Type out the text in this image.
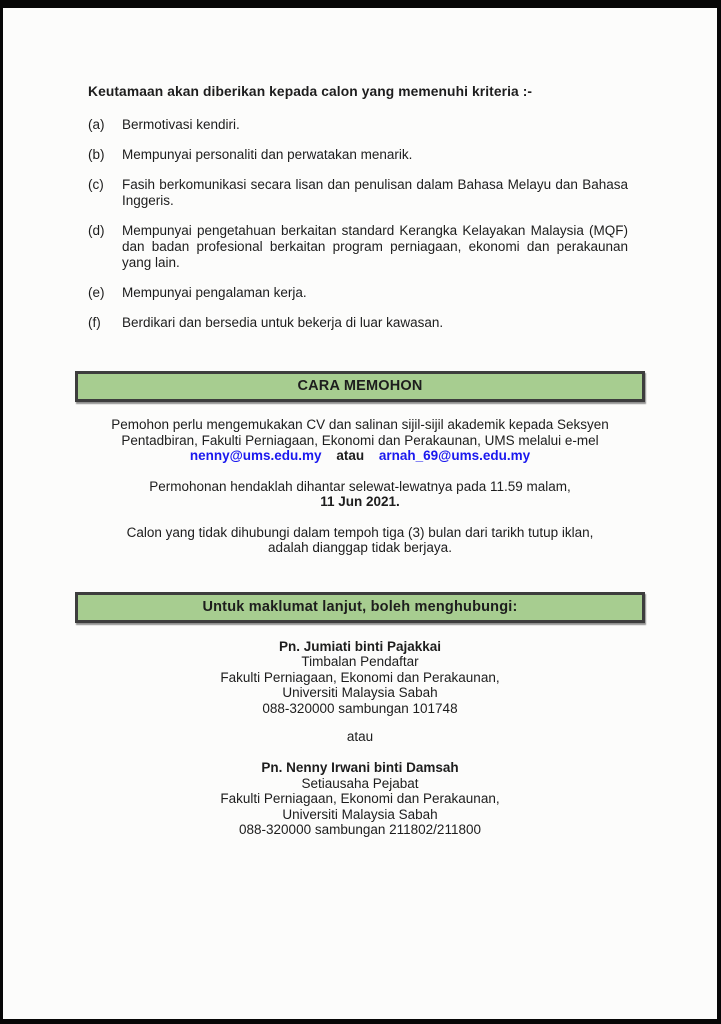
Keutamaan akan diberikan kepada calon yang memenuhi kriteria :-
(a)	Bermotivasi kendiri.
(b)	Mempunyai personaliti dan perwatakan menarik.
(c)	Fasih berkomunikasi secara lisan dan penulisan dalam Bahasa Melayu dan Bahasa Inggeris.
(d)	Mempunyai pengetahuan berkaitan standard Kerangka Kelayakan Malaysia (MQF) dan badan profesional berkaitan program perniagaan, ekonomi dan perakaunan yang lain.
(e)	Mempunyai pengalaman kerja.
(f)	Berdikari dan bersedia untuk bekerja di luar kawasan.
CARA MEMOHON

Pemohon perlu mengemukakan CV dan salinan sijil-sijil akademik kepada Seksyen
Pentadbiran, Fakulti Perniagaan, Ekonomi dan Perakaunan, UMS melalui e-mel
nenny@ums.edu.my atau arnah_69@ums.edu.my

Permohonan hendaklah dihantar selewat-lewatnya pada 11.59 malam,
11 Jun 2021.

Calon yang tidak dihubungi dalam tempoh tiga (3) bulan dari tarikh tutup iklan,
adalah dianggap tidak berjaya.

Untuk maklumat lanjut, boleh menghubungi:
Pn. Jumiati binti Pajakkai
Timbalan Pendaftar
Fakulti Perniagaan, Ekonomi dan Perakaunan,
Universiti Malaysia Sabah
088-320000 sambungan 101748
atau
Pn. Nenny Irwani binti Damsah
Setiausaha Pejabat
Fakulti Perniagaan, Ekonomi dan Perakaunan,
Universiti Malaysia Sabah
088-320000 sambungan 211802/211800
